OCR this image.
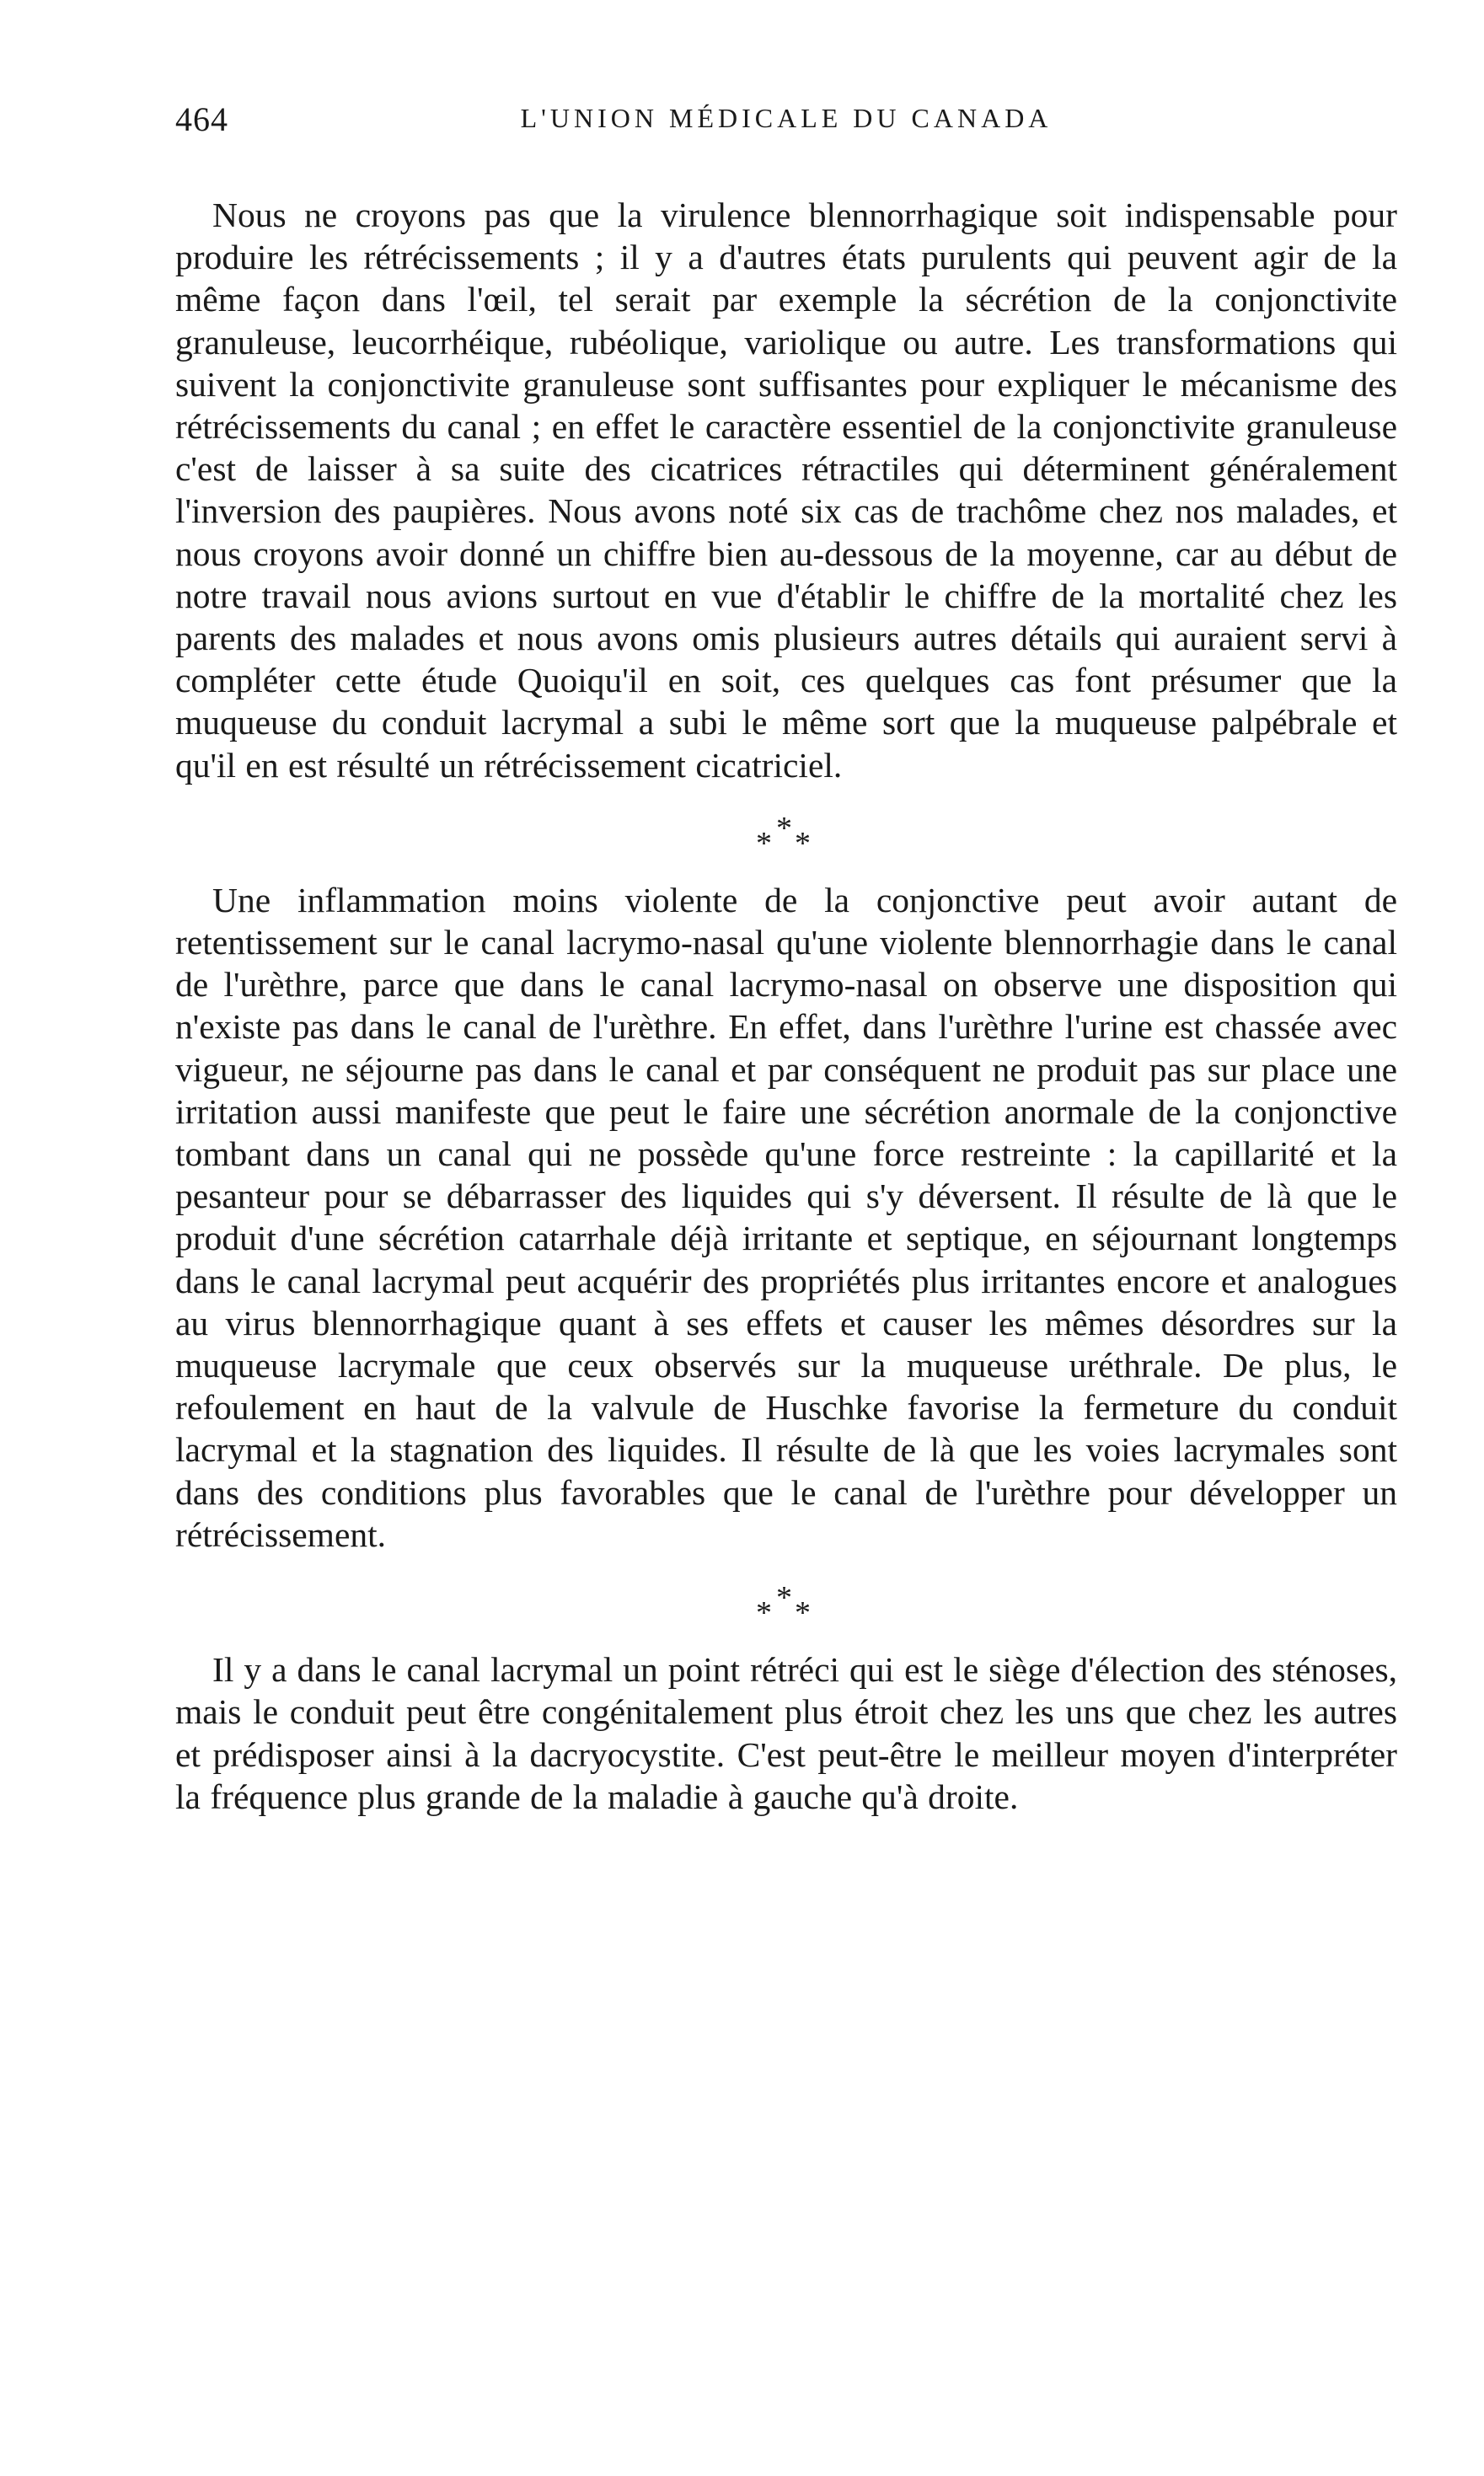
464	L'UNION MÉDICALE DU CANADA

Nous ne croyons pas que la virulence blennorrhagique soit indispensable pour produire les rétrécissements ; il y a d'autres états purulents qui peuvent agir de la même façon dans l'œil, tel serait par exemple la sécrétion de la conjonctivite granuleuse, leucorrhéique, rubéolique, variolique ou autre. Les transformations qui suivent la conjonctivite granuleuse sont suffisantes pour expliquer le mécanisme des rétrécissements du canal ; en effet le caractère essentiel de la conjonctivite granuleuse c'est de laisser à sa suite des cicatrices rétractiles qui déterminent généralement l'inversion des paupières. Nous avons noté six cas de trachôme chez nos malades, et nous croyons avoir donné un chiffre bien au-dessous de la moyenne, car au début de notre travail nous avions surtout en vue d'établir le chiffre de la mortalité chez les parents des malades et nous avons omis plusieurs autres détails qui auraient servi à compléter cette étude Quoiqu'il en soit, ces quelques cas font présumer que la muqueuse du conduit lacrymal a subi le même sort que la muqueuse palpébrale et qu'il en est résulté un rétrécissement cicatriciel.

*
* *

Une inflammation moins violente de la conjonctive peut avoir autant de retentissement sur le canal lacrymo-nasal qu'une violente blennorrhagie dans le canal de l'urèthre, parce que dans le canal lacrymo-nasal on observe une disposition qui n'existe pas dans le canal de l'urèthre. En effet, dans l'urèthre l'urine est chassée avec vigueur, ne séjourne pas dans le canal et par conséquent ne produit pas sur place une irritation aussi manifeste que peut le faire une sécrétion anormale de la conjonctive tombant dans un canal qui ne possède qu'une force restreinte : la capillarité et la pesanteur pour se débarrasser des liquides qui s'y déversent. Il résulte de là que le produit d'une sécrétion catarrhale déjà irritante et septique, en séjournant longtemps dans le canal lacrymal peut acquérir des propriétés plus irritantes encore et analogues au virus blennorrhagique quant à ses effets et causer les mêmes désordres sur la muqueuse lacrymale que ceux observés sur la muqueuse uréthrale. De plus, le refoulement en haut de la valvule de Huschke favorise la fermeture du conduit lacrymal et la stagnation des liquides. Il résulte de là que les voies lacrymales sont dans des conditions plus favorables que le canal de l'urèthre pour développer un rétrécissement.

*
* *

Il y a dans le canal lacrymal un point rétréci qui est le siège d'élection des sténoses, mais le conduit peut être congénitalement plus étroit chez les uns que chez les autres et prédisposer ainsi à la dacryocystite. C'est peut-être le meilleur moyen d'interpréter la fréquence plus grande de la maladie à gauche qu'à droite.
